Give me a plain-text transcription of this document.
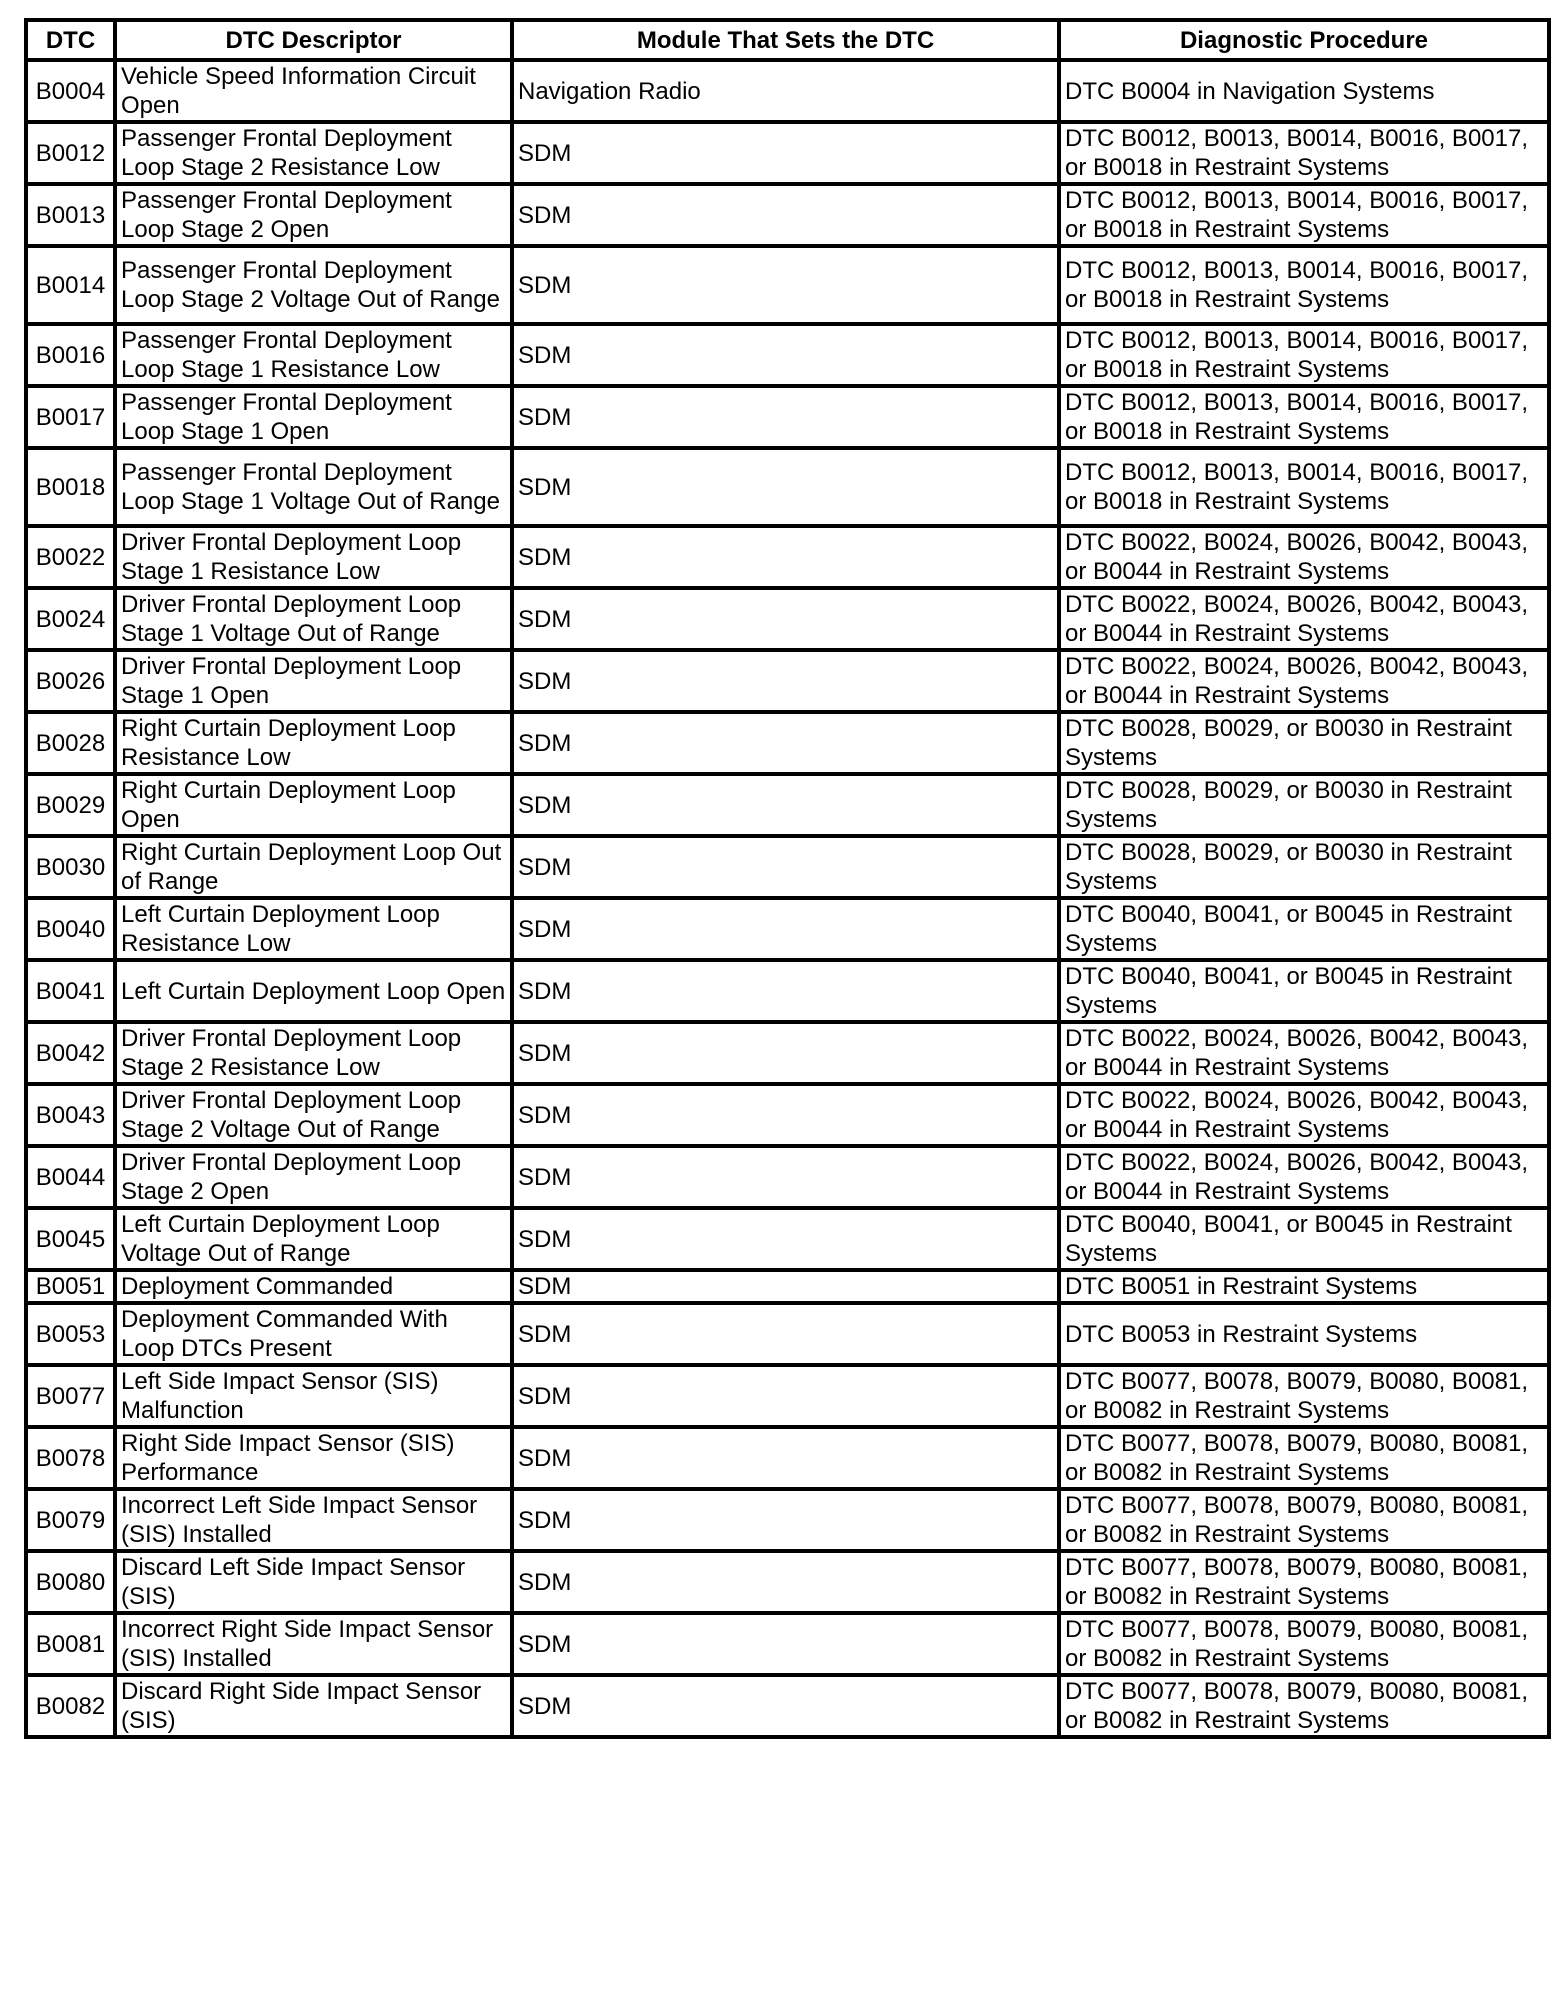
DTC	DTC Descriptor	Module That Sets the DTC	Diagnostic Procedure
B0004	Vehicle Speed Information Circuit Open	Navigation Radio	DTC B0004 in Navigation Systems
B0012	Passenger Frontal Deployment Loop Stage 2 Resistance Low	SDM	DTC B0012, B0013, B0014, B0016, B0017, or B0018 in Restraint Systems
B0013	Passenger Frontal Deployment Loop Stage 2 Open	SDM	DTC B0012, B0013, B0014, B0016, B0017, or B0018 in Restraint Systems
B0014	Passenger Frontal Deployment Loop Stage 2 Voltage Out of Range	SDM	DTC B0012, B0013, B0014, B0016, B0017, or B0018 in Restraint Systems
B0016	Passenger Frontal Deployment Loop Stage 1 Resistance Low	SDM	DTC B0012, B0013, B0014, B0016, B0017, or B0018 in Restraint Systems
B0017	Passenger Frontal Deployment Loop Stage 1 Open	SDM	DTC B0012, B0013, B0014, B0016, B0017, or B0018 in Restraint Systems
B0018	Passenger Frontal Deployment Loop Stage 1 Voltage Out of Range	SDM	DTC B0012, B0013, B0014, B0016, B0017, or B0018 in Restraint Systems
B0022	Driver Frontal Deployment Loop Stage 1 Resistance Low	SDM	DTC B0022, B0024, B0026, B0042, B0043, or B0044 in Restraint Systems
B0024	Driver Frontal Deployment Loop Stage 1 Voltage Out of Range	SDM	DTC B0022, B0024, B0026, B0042, B0043, or B0044 in Restraint Systems
B0026	Driver Frontal Deployment Loop Stage 1 Open	SDM	DTC B0022, B0024, B0026, B0042, B0043, or B0044 in Restraint Systems
B0028	Right Curtain Deployment Loop Resistance Low	SDM	DTC B0028, B0029, or B0030 in Restraint Systems
B0029	Right Curtain Deployment Loop Open	SDM	DTC B0028, B0029, or B0030 in Restraint Systems
B0030	Right Curtain Deployment Loop Out of Range	SDM	DTC B0028, B0029, or B0030 in Restraint Systems
B0040	Left Curtain Deployment Loop Resistance Low	SDM	DTC B0040, B0041, or B0045 in Restraint Systems
B0041	Left Curtain Deployment Loop Open	SDM	DTC B0040, B0041, or B0045 in Restraint Systems
B0042	Driver Frontal Deployment Loop Stage 2 Resistance Low	SDM	DTC B0022, B0024, B0026, B0042, B0043, or B0044 in Restraint Systems
B0043	Driver Frontal Deployment Loop Stage 2 Voltage Out of Range	SDM	DTC B0022, B0024, B0026, B0042, B0043, or B0044 in Restraint Systems
B0044	Driver Frontal Deployment Loop Stage 2 Open	SDM	DTC B0022, B0024, B0026, B0042, B0043, or B0044 in Restraint Systems
B0045	Left Curtain Deployment Loop Voltage Out of Range	SDM	DTC B0040, B0041, or B0045 in Restraint Systems
B0051	Deployment Commanded	SDM	DTC B0051 in Restraint Systems
B0053	Deployment Commanded With Loop DTCs Present	SDM	DTC B0053 in Restraint Systems
B0077	Left Side Impact Sensor (SIS) Malfunction	SDM	DTC B0077, B0078, B0079, B0080, B0081, or B0082 in Restraint Systems
B0078	Right Side Impact Sensor (SIS) Performance	SDM	DTC B0077, B0078, B0079, B0080, B0081, or B0082 in Restraint Systems
B0079	Incorrect Left Side Impact Sensor (SIS) Installed	SDM	DTC B0077, B0078, B0079, B0080, B0081, or B0082 in Restraint Systems
B0080	Discard Left Side Impact Sensor (SIS)	SDM	DTC B0077, B0078, B0079, B0080, B0081, or B0082 in Restraint Systems
B0081	Incorrect Right Side Impact Sensor (SIS) Installed	SDM	DTC B0077, B0078, B0079, B0080, B0081, or B0082 in Restraint Systems
B0082	Discard Right Side Impact Sensor (SIS)	SDM	DTC B0077, B0078, B0079, B0080, B0081, or B0082 in Restraint Systems
